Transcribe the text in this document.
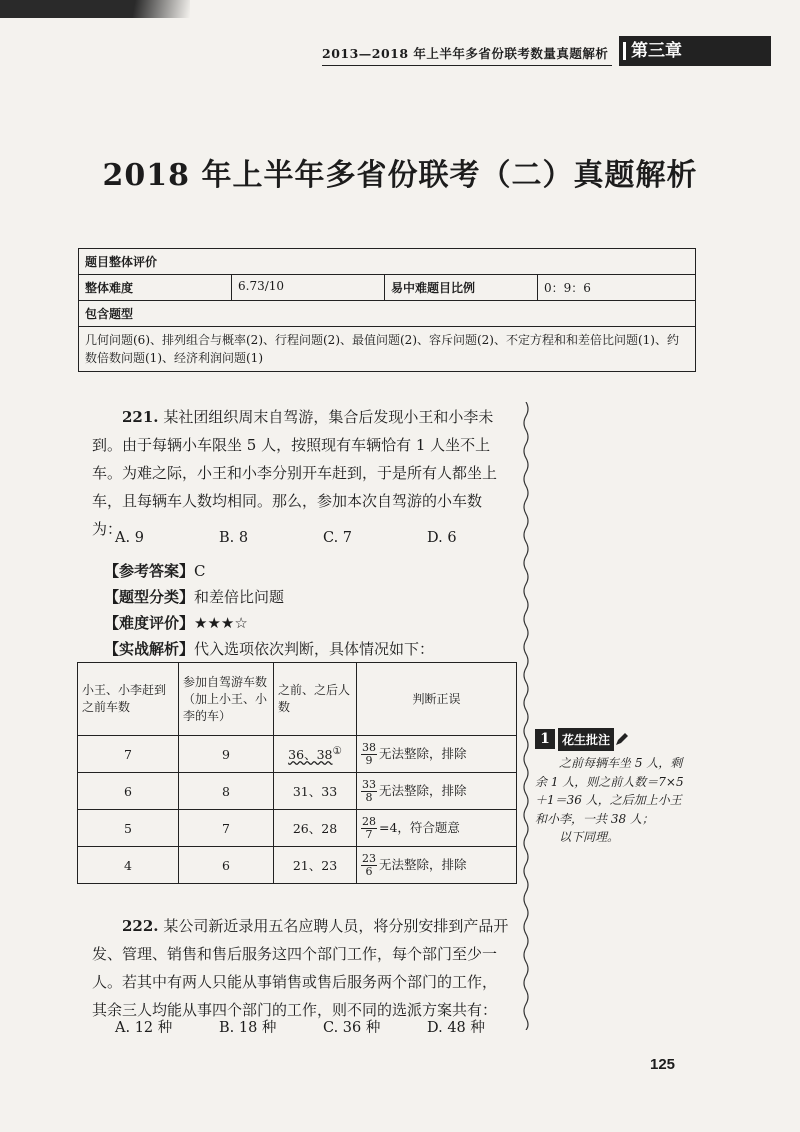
2013—2018 年上半年多省份联考数量真题解析	第三章
2018 年上半年多省份联考（二）真题解析
题目整体评价
整体难度	6.73/10	易中难题目比例	0：9：6
包含题型
几何问题(6)、排列组合与概率(2)、行程问题(2)、最值问题(2)、容斥问题(2)、不定方程和和差倍比问题(1)、约数倍数问题(1)、经济利润问题(1)
221. 某社团组织周末自驾游，集合后发现小王和小李未到。由于每辆小车限坐 5 人，按照现有车辆恰有 1 人坐不上车。为难之际，小王和小李分别开车赶到，于是所有人都坐上车，且每辆车人数均相同。那么，参加本次自驾游的小车数为：
A. 9	B. 8	C. 7	D. 6
【参考答案】C
【题型分类】和差倍比问题
【难度评价】★★★☆
【实战解析】代入选项依次判断，具体情况如下：
小王、小李赶到之前车数	参加自驾游车数（加上小王、小李的车）	之前、之后人数	判断正误
7	9	36、38①	$\frac{38}{9}$ 无法整除，排除
6	8	31、33	$\frac{33}{8}$ 无法整除，排除
5	7	26、28	$\frac{28}{7} =4$，符合题意
4	6	21、23	$\frac{23}{6}$ 无法整除，排除
1	花生批注
之前每辆车坐 5 人，剩余 1 人，则之前人数＝7×5＋1＝36 人，之后加上小王和小李，一共 38 人；
以下同理。
222. 某公司新近录用五名应聘人员，将分别安排到产品开发、管理、销售和售后服务这四个部门工作，每个部门至少一人。若其中有两人只能从事销售或售后服务两个部门的工作，其余三人均能从事四个部门的工作，则不同的选派方案共有：
A. 12 种	B. 18 种	C. 36 种	D. 48 种
125
